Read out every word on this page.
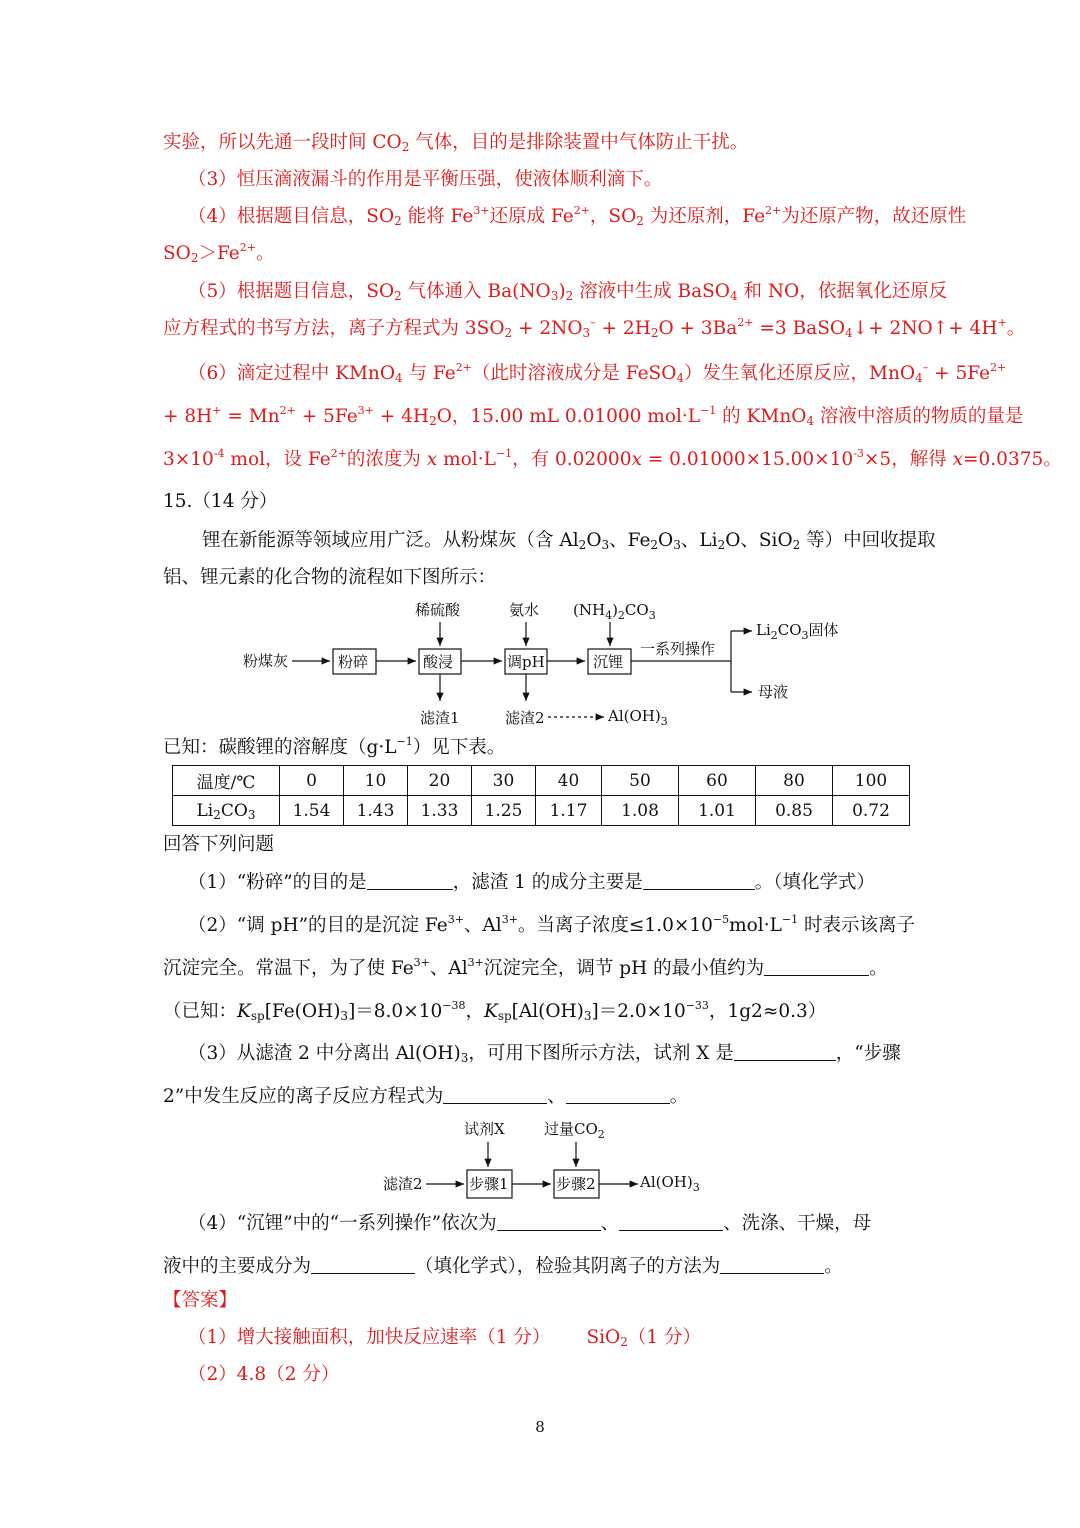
实验，所以先通一段时间 $CO_2$ 气体，目的是排除装置中气体防止干扰。
（3）恒压滴液漏斗的作用是平衡压强，使液体顺利滴下。
（4）根据题目信息，$SO_2$ 能将 $Fe^{3+}$还原成 $Fe^{2+}$，$SO_2$ 为还原剂，$Fe^{2+}$为还原产物，故还原性
$SO_2>Fe^{2+}$。
（5）根据题目信息，$SO_2$ 气体通入 $Ba(NO_3)_2$ 溶液中生成 BaSO$_4$ 和 NO，依据氧化还原反
应方程式的书写方法，离子方程式为 $3SO_2 + 2NO_3^- + 2H_2O + 3Ba^{2+} =3$ BaSO$_4$↓+ 2NO↑+ 4H+。
（6）滴定过程中 KMnO$_4$ 与 $Fe^{2+}$（此时溶液成分是 FeSO$_4$）发生氧化还原反应，$MnO_4^- + 5Fe^{2+}$
+ $8H^+ = Mn^{2+} + 5Fe^{3+} + 4H_2O$，15.00 mL 0.01000 $mol\cdot L^{-1}$ 的 KMnO$_4$ 溶液中溶质的物质的量是
$3\times 10^{-4}$ mol，设 $Fe^{2+}$的浓度为 x $mol\cdot L^{-1}$，有 $0.02000x = 0.01000\times 15.00\times 10^{-3}\times 5$，解得 x=0.0375。
15.（14 分）
锂在新能源等领域应用广泛。从粉煤灰（含 $Al_2O_3$、$Fe_2O_3$、$Li_2O$、SiO$_2$ 等）中回收提取
铝、锂元素的化合物的流程如下图所示：
粉煤灰	粉碎	酸浸	调pH	沉锂
一系列操作
$Li_2CO_3$固体
母液
稀硫酸	氨水 $(NH_4)_2CO_3$
滤渣1	滤渣2	$Al(OH)_3$
已知：碳酸锂的溶解度$(g\cdot L^{-1})$见下表。
温度/℃	0	10	20	30	40	50	60	80	100
$Li_2CO_3$	1.54	1.43	1.33	1.25	1.17	1.08	1.01	0.85	0.72
回答下列问题
（1）“粉碎”的目的是	，滤渣 1 的成分主要是	。（填化学式）
（2）“调 pH”的目的是沉淀 $Fe^{3+}$、$Al^{3+}$。当离子浓度$\le 1.0\times 10^{-5}mol\cdot L^{-1}$ 时表示该离子
沉淀完全。常温下，为了使 $Fe^{3+}$、$Al^{3+}$沉淀完全，调节 pH 的最小值约为	。
（已知：$K_{sp}[Fe(OH)_3]=8.0\times 10^{-38}$，$K_{sp}[Al(OH)_3]=2.0\times 10^{-33}$，1g2≈0.3）
（3）从滤渣 2 中分离出 $Al(OH)_3$，可用下图所示方法，试剂 X 是	，“步骤
2”中发生反应的离子反应方程式为	、	。
滤渣2	步骤1	步骤2	$Al(OH)_3$
试剂X	过量$CO_2$
（4）“沉锂”中的“一系列操作”依次为	、	、洗涤、干燥，母
液中的主要成分为	（填化学式），检验其阴离子的方法为	。
【答案】
（1）增大接触面积，加快反应速率（1 分） SiO$_2$（1 分）
（2）4.8（2 分）
8
